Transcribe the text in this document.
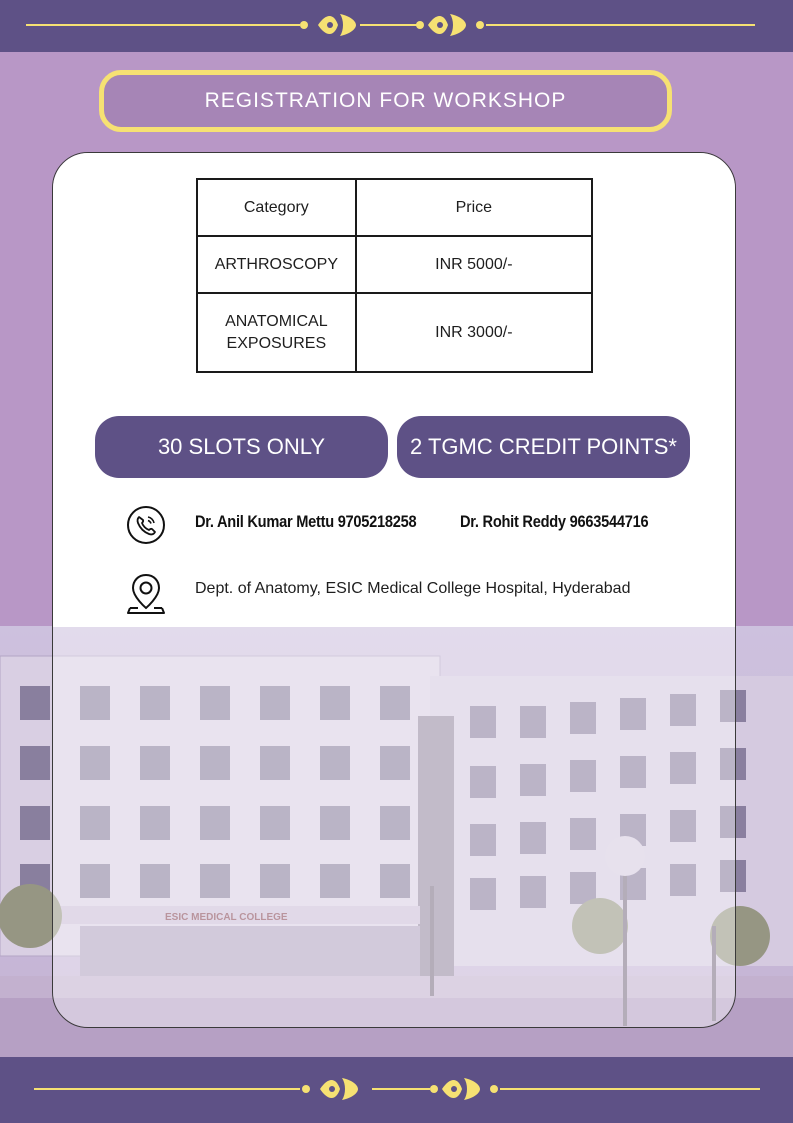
REGISTRATION FOR WORKSHOP
ESIC MEDICAL COLLEGE
Category	Price
ARTHROSCOPY	INR 5000/-
ANATOMICAL
EXPOSURES	INR 3000/-
30 SLOTS ONLY	2 TGMC CREDIT POINTS*
Dr. Anil Kumar Mettu 9705218258	Dr. Rohit Reddy 9663544716
Dept. of Anatomy, ESIC Medical College Hospital, Hyderabad
